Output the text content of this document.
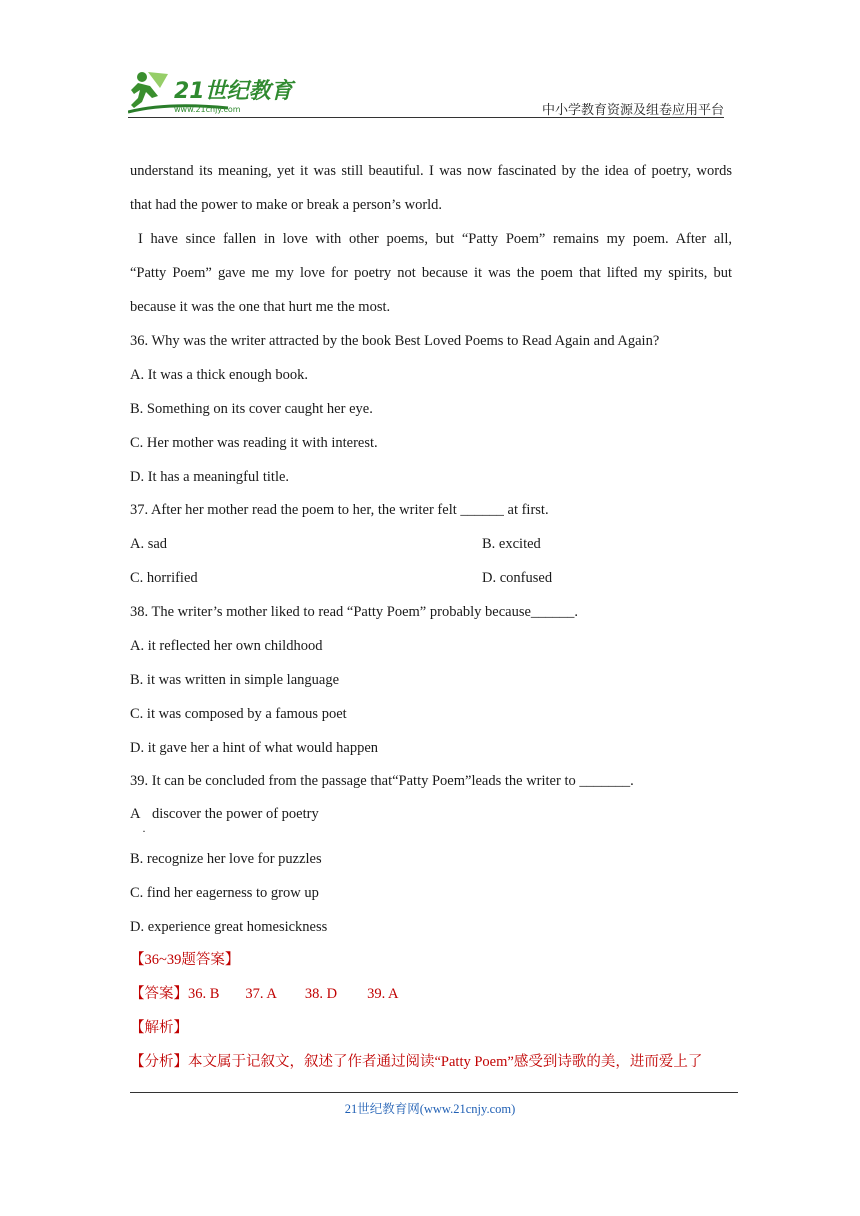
21世纪教育
www.21cnjy.com	中小学教育资源及组卷应用平台
understand its meaning, yet it was still beautiful. I was now fascinated by the idea of poetry, words
that had the power to make or break a person’s world.
I have since fallen in love with other poems, but “Patty Poem” remains my poem. After all,
“Patty Poem” gave me my love for poetry not because it was the poem that lifted my spirits, but
because it was the one that hurt me the most.
36. Why was the writer attracted by the book Best Loved Poems to Read Again and Again?
A. It was a thick enough book.
B. Something on its cover caught her eye.
C. Her mother was reading it with interest.
D. It has a meaningful title.
37. After her mother read the poem to her, the writer felt ______ at first.
A. sad	B. excited
C. horrified	D. confused
38. The writer’s mother liked to read “Patty Poem” probably because______.
A. it reflected her own childhood
B. it was written in simple language
C. it was composed by a famous poet
D. it gave her a hint of what would happen
39. It can be concluded from the passage that“Patty Poem”leads the writer to _______.
A
·
discover the power of poetry
B. recognize her love for puzzles
C. find her eagerness to grow up
D. experience great homesickness
【36~39题答案】
【答案】36. B 37. A 38. D 39. A
【解析】
【分析】本文属于记叙文，叙述了作者通过阅读“Patty Poem”感受到诗歌的美，进而爱上了
21世纪教育网(www.21cnjy.com)
